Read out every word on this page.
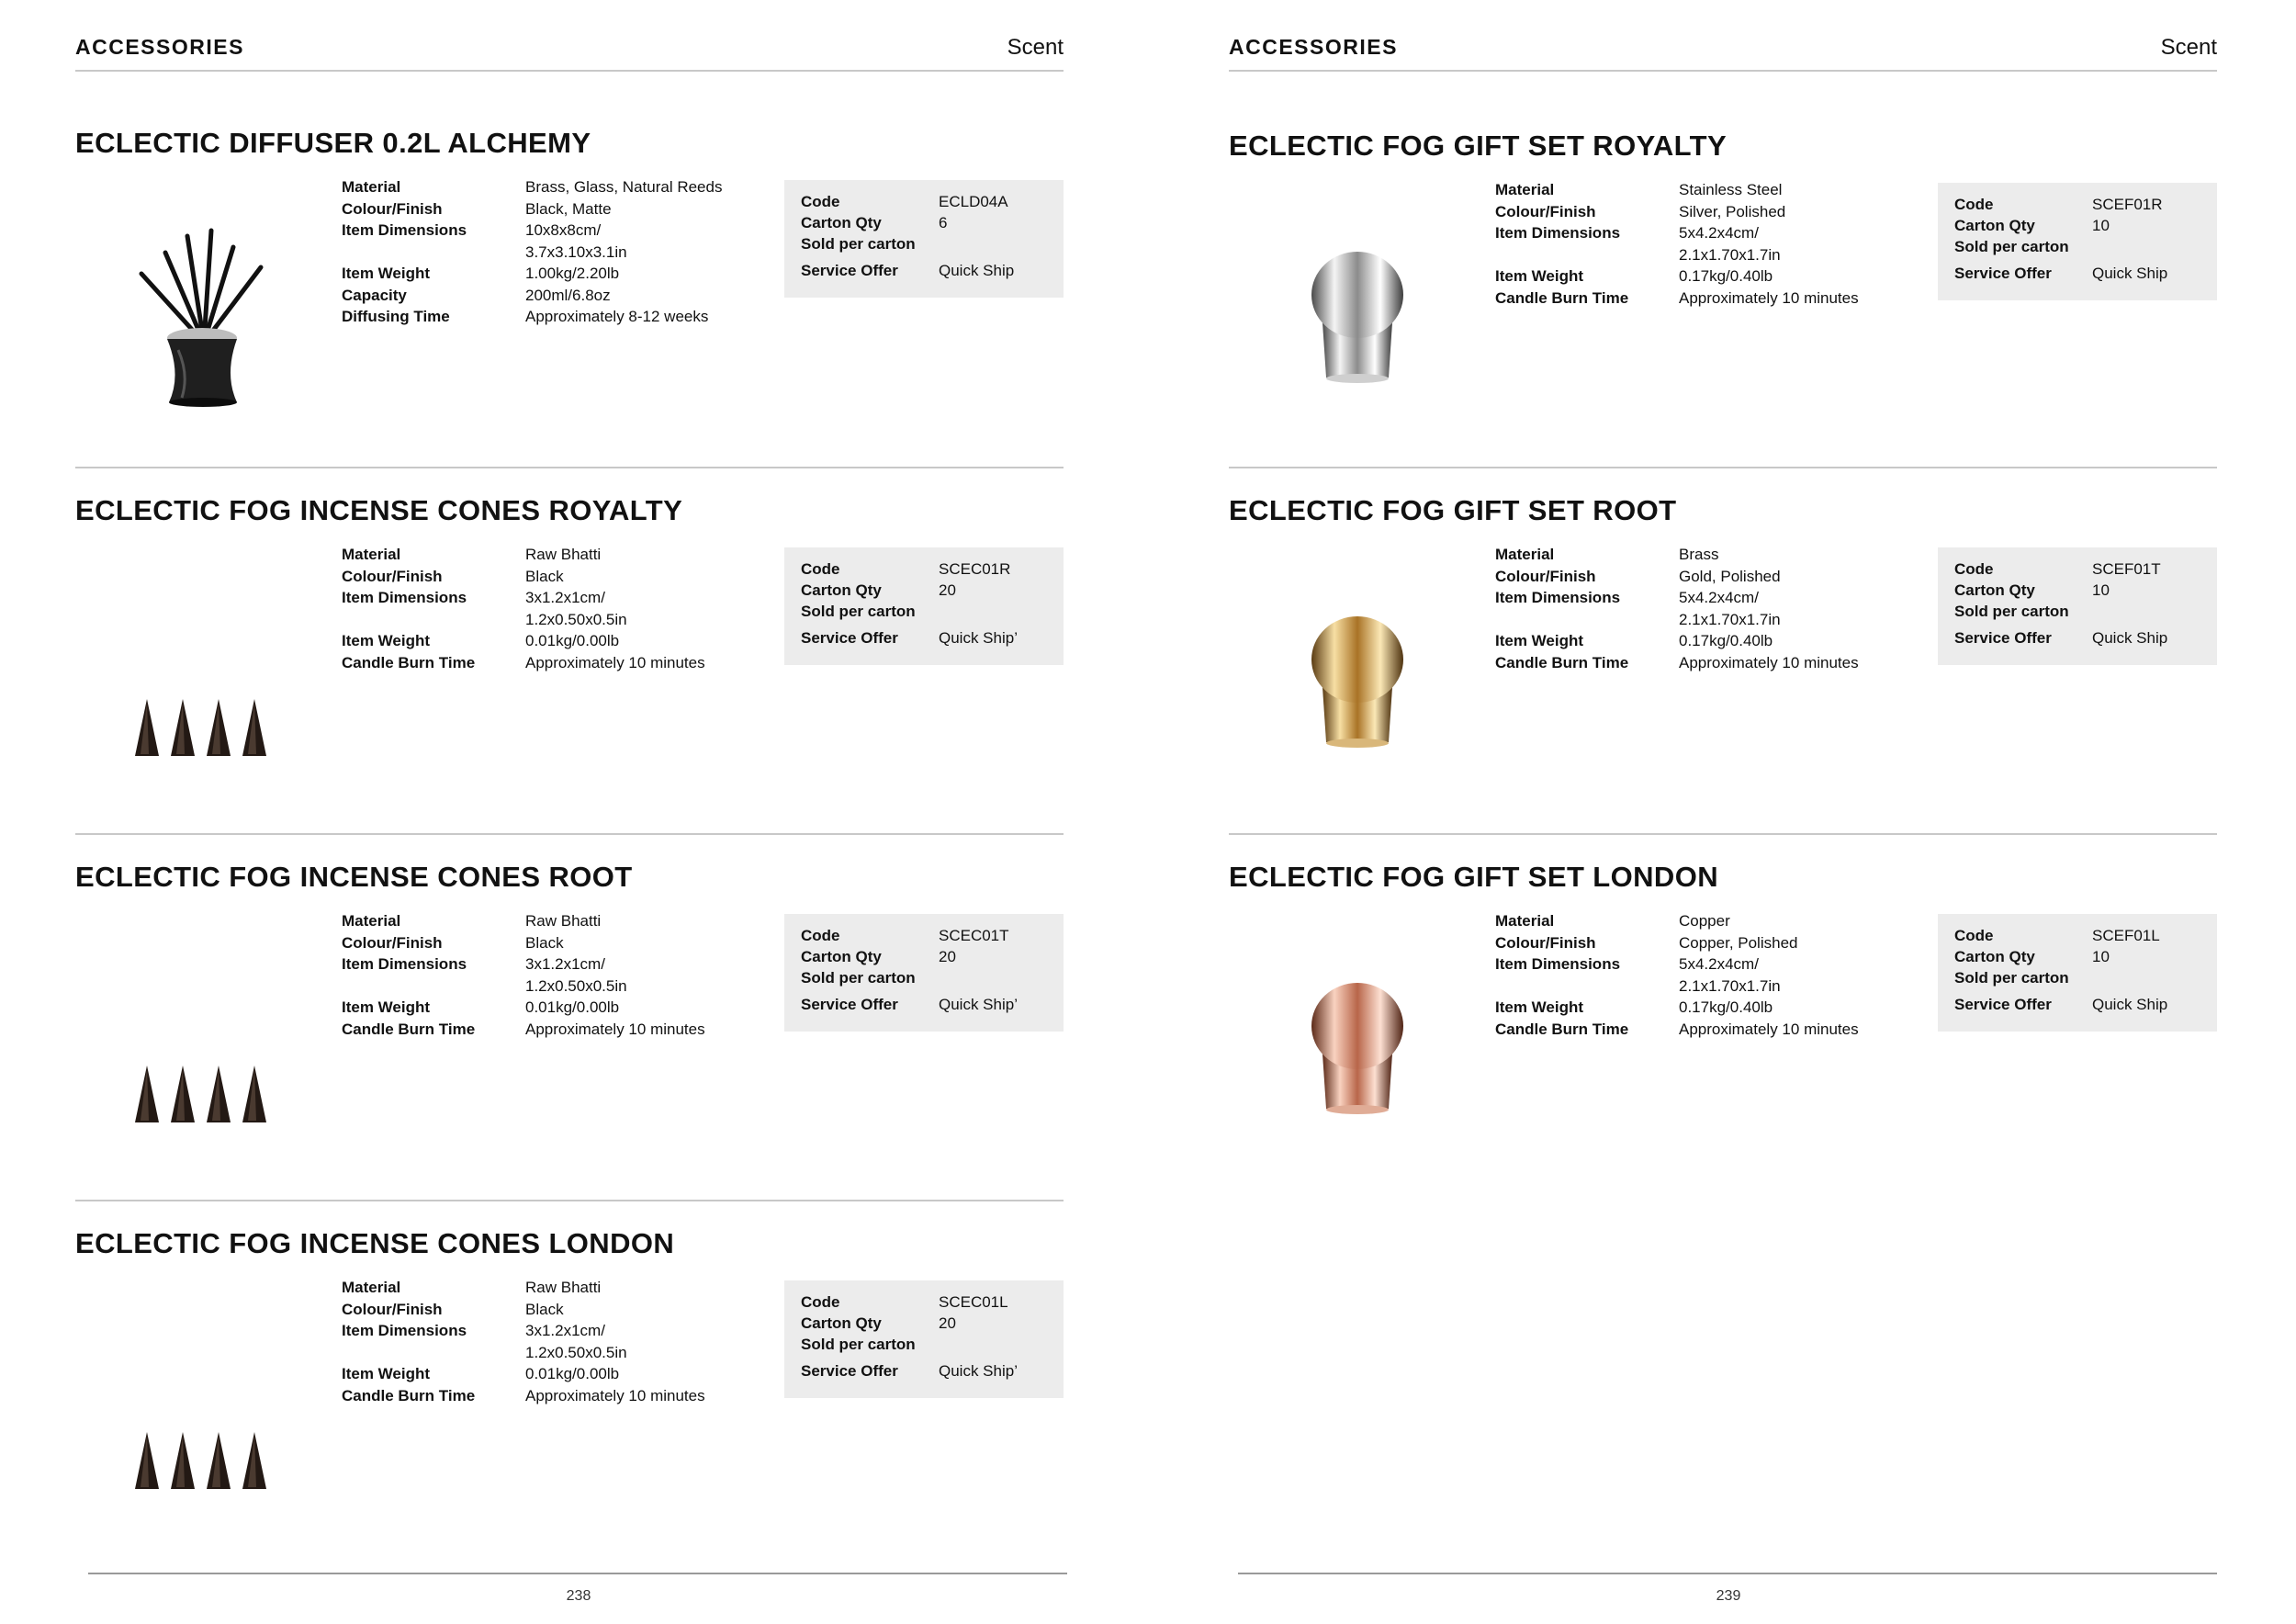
ACCESSORIES	Scent
ECLECTIC DIFFUSER 0.2L ALCHEMY
Material	Brass, Glass, Natural Reeds
Colour/Finish	Black, Matte
Item Dimensions	10x8x8cm/
3.7x3.10x3.1in
Item Weight	1.00kg/2.20lb
Capacity	200ml/6.8oz
Diffusing Time	Approximately 8-12 weeks
Code	ECLD04A
Carton Qty	6
Sold per carton
Service Offer	Quick Ship
ECLECTIC FOG INCENSE CONES ROYALTY
Material	Raw Bhatti
Colour/Finish	Black
Item Dimensions	3x1.2x1cm/
1.2x0.50x0.5in
Item Weight	0.01kg/0.00lb
Candle Burn Time	Approximately 10 minutes
Code	SCEC01R
Carton Qty	20
Sold per carton
Service Offer	Quick Ship’
ECLECTIC FOG INCENSE CONES ROOT
Material	Raw Bhatti
Colour/Finish	Black
Item Dimensions	3x1.2x1cm/
1.2x0.50x0.5in
Item Weight	0.01kg/0.00lb
Candle Burn Time	Approximately 10 minutes
Code	SCEC01T
Carton Qty	20
Sold per carton
Service Offer	Quick Ship’
ECLECTIC FOG INCENSE CONES LONDON
Material	Raw Bhatti
Colour/Finish	Black
Item Dimensions	3x1.2x1cm/
1.2x0.50x0.5in
Item Weight	0.01kg/0.00lb
Candle Burn Time	Approximately 10 minutes
Code	SCEC01L
Carton Qty	20
Sold per carton
Service Offer	Quick Ship’
238
ACCESSORIES	Scent
ECLECTIC FOG GIFT SET ROYALTY
Material	Stainless Steel
Colour/Finish	Silver, Polished
Item Dimensions	5x4.2x4cm/
2.1x1.70x1.7in
Item Weight	0.17kg/0.40lb
Candle Burn Time	Approximately 10 minutes
Code	SCEF01R
Carton Qty	10
Sold per carton
Service Offer	Quick Ship
ECLECTIC FOG GIFT SET ROOT
Material	Brass
Colour/Finish	Gold, Polished
Item Dimensions	5x4.2x4cm/
2.1x1.70x1.7in
Item Weight	0.17kg/0.40lb
Candle Burn Time	Approximately 10 minutes
Code	SCEF01T
Carton Qty	10
Sold per carton
Service Offer	Quick Ship
ECLECTIC FOG GIFT SET LONDON
Material	Copper
Colour/Finish	Copper, Polished
Item Dimensions	5x4.2x4cm/
2.1x1.70x1.7in
Item Weight	0.17kg/0.40lb
Candle Burn Time	Approximately 10 minutes
Code	SCEF01L
Carton Qty	10
Sold per carton
Service Offer	Quick Ship
239
